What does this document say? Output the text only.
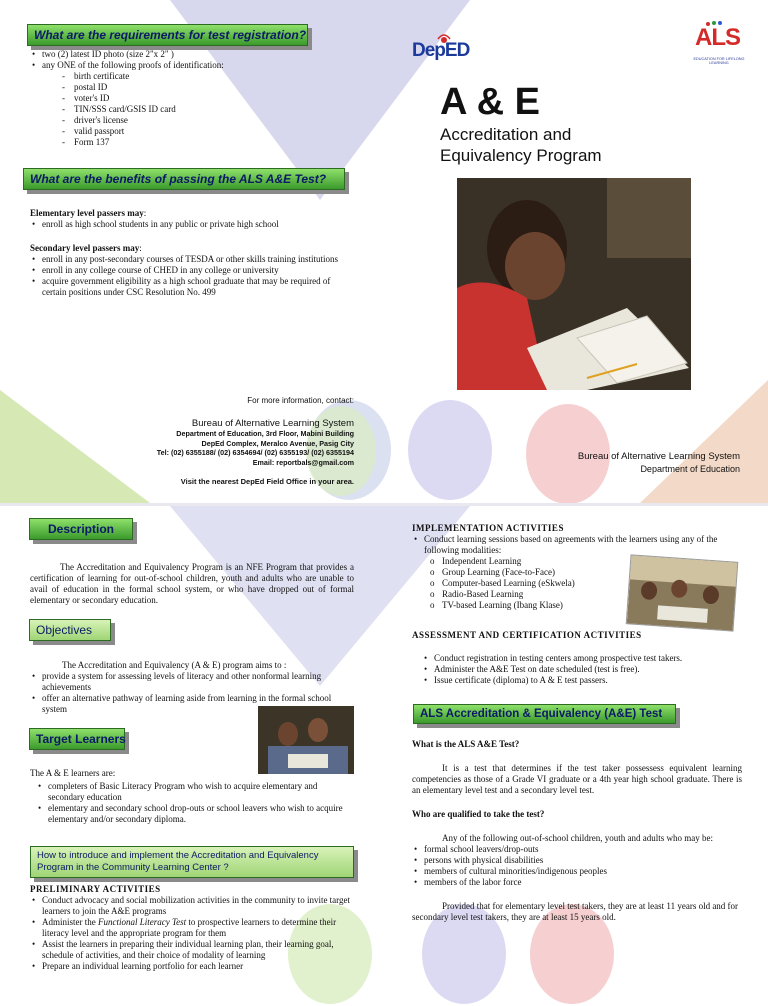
What are the requirements for test registration?
• two (2) latest ID photo (size 2"x 2" )
• any ONE of the following proofs of identification:
- birth certificate
- postal ID
- voter's ID
- TIN/SSS card/GSIS ID card
- driver's license
- valid passport
- Form 137
What are the benefits of passing the ALS A&E Test?

Elementary level passers may:

• enroll as high school students in any public or private high school

Secondary level passers may:

• enroll in any post-secondary courses of TESDA or other skills training institutions
• enroll in any college course of CHED in any college or university
• acquire government eligibility as a high school graduate that may be required of certain positions under CSC Resolution No. 499
For more information, contact:
Bureau of Alternative Learning System
Department of Education, 3rd Floor, Mabini Building
DepEd Complex, Meralco Avenue, Pasig City
Tel: (02) 6355188/ (02) 6354694/ (02) 6355193/ (02) 6355194
Email: reportbals@gmail.com
Visit the nearest DepEd Field Office in your area.
DepED	ALS
EDUCATION FOR LIFELONG LEARNING
A & E
Accreditation and
Equivalency Program
Bureau of Alternative Learning System
Department of Education
Description
The Accreditation and Equivalency Program is an NFE Program that provides a certification of learning for out-of-school children, youth and adults who are unable to avail of education in the formal school system, or who have dropped out of formal elementary or secondary education.
Objectives

The Accreditation and Equivalency (A & E) program aims to :

• provide a system for assessing levels of literacy and other nonformal learning achievements
• offer an alternative pathway of learning aside from learning in the formal school system
Target Learners

The A & E learners are:

• completers of Basic Literacy Program who wish to acquire elementary and secondary education
• elementary and secondary school drop-outs or school leavers who wish to acquire elementary and/or secondary diploma.
How to introduce and implement the Accreditation and Equivalency Program in the Community Learning Center ?

PRELIMINARY ACTIVITIES

• Conduct advocacy and social mobilization activities in the community to invite target learners to join the A&E programs
• Administer the Functional Literacy Test to prospective learners to determine their literacy level and the appropriate program for them
• Assist the learners in preparing their individual learning plan, their learning goal, schedule of activities, and their choice of modality of learning
• Prepare an individual learning portfolio for each learner

IMPLEMENTATION ACTIVITIES

• Conduct learning sessions based on agreements with the learners using any of the following modalities:
o Independent Learning
o Group Learning (Face-to-Face)
o Computer-based Learning (eSkwela)
o Radio-Based Learning
o TV-based Learning (Ibang Klase)

ASSESSMENT AND CERTIFICATION ACTIVITIES

• Conduct registration in testing centers among prospective test takers.
• Administer the A&E Test on date scheduled (test is free).
• Issue certificate (diploma) to A & E test passers.
ALS Accreditation & Equivalency (A&E) Test

What is the ALS A&E Test?

It is a test that determines if the test taker possessess equivalent learning competencies as those of a Grade VI graduate or a 4th year high school graduate. There is an elementary level test and a secondary level test.

Who are qualified to take the test?

Any of the following out-of-school children, youth and adults who may be:

• formal school leavers/drop-outs
• persons with physical disabilities
• members of cultural minorities/indigenous peoples
• members of the labor force

Provided that for elementary level test takers, they are at least 11 years old and for secondary level test takers, they are at least 15 years old.
